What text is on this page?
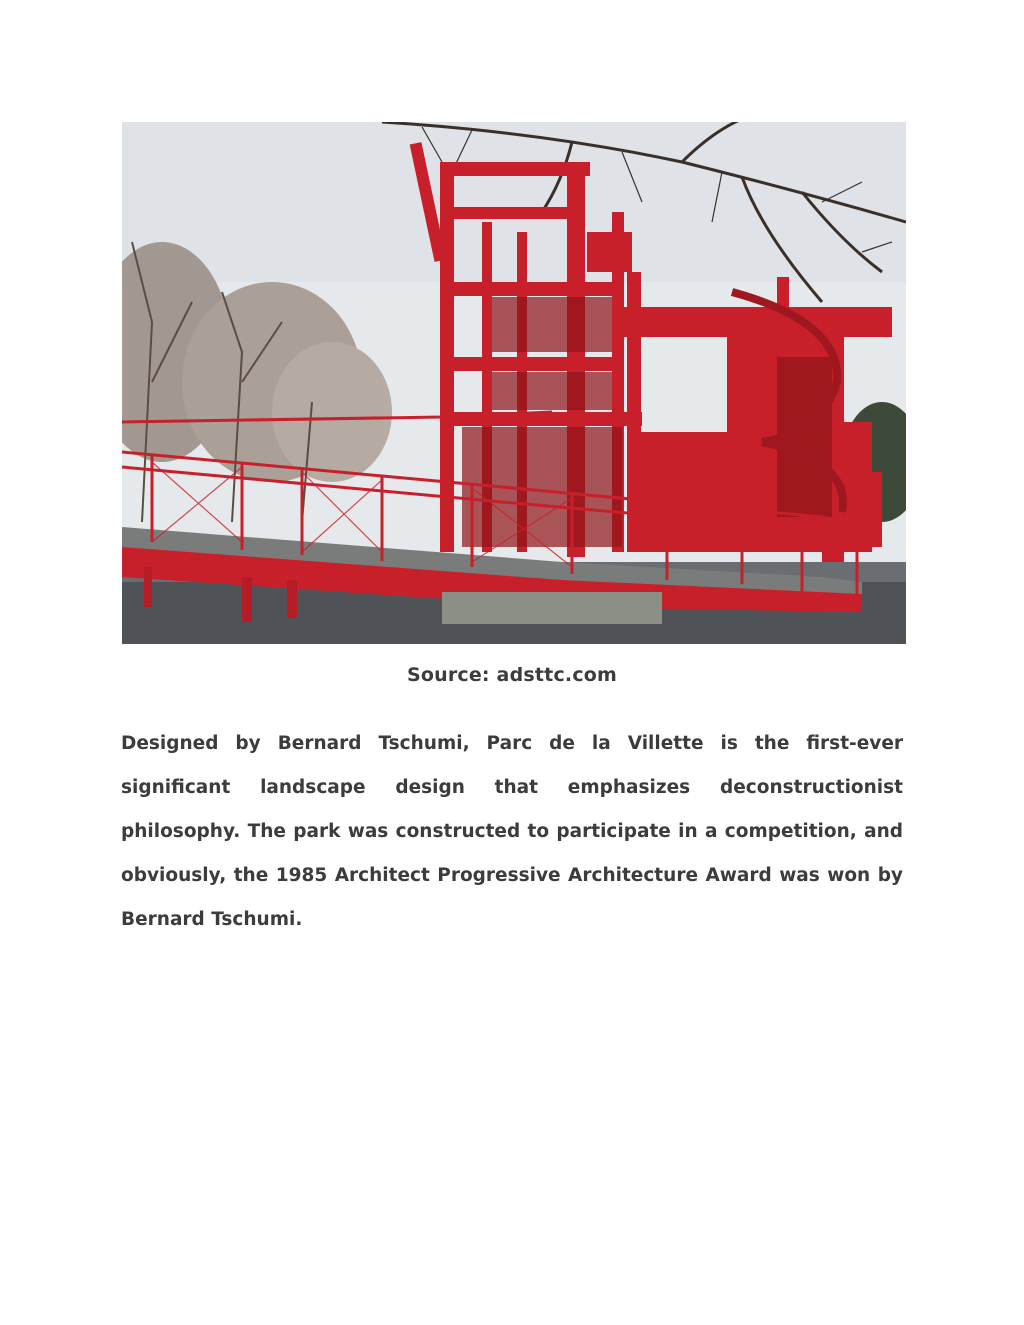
Source: adsttc.com

Designed by Bernard Tschumi, Parc de la Villette is the first-ever significant landscape design that emphasizes deconstructionist philosophy. The park was constructed to participate in a competition, and obviously, the 1985 Architect Progressive Architecture Award was won by Bernard Tschumi.
